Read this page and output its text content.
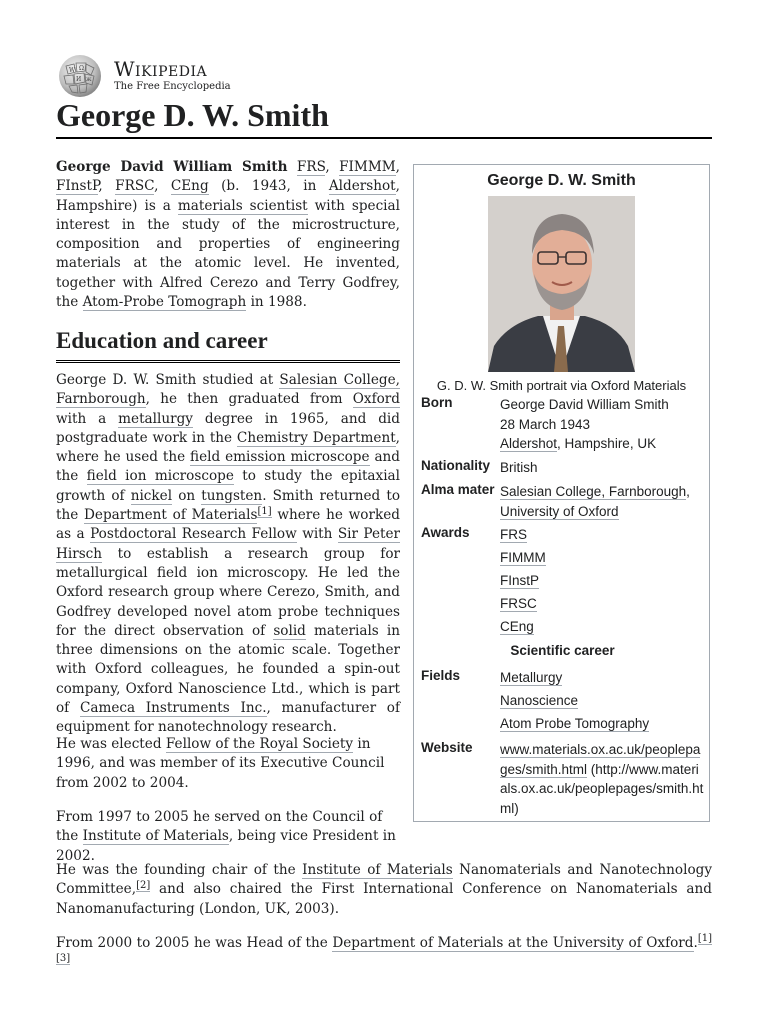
W Ω
И Ж Wikipedia
The Free Encyclopedia
George D. W. Smith

George David William Smith FRS, FIMMM, FInstP, FRSC, CEng (b. 1943, in Aldershot, Hampshire) is a materials scientist with special interest in the study of the microstructure, composition and properties of engineering materials at the atomic level. He invented, together with Alfred Cerezo and Terry Godfrey, the Atom-Probe Tomograph in 1988.

Education and career

George D. W. Smith studied at Salesian College, Farnborough, he then graduated from Oxford with a metallurgy degree in 1965, and did postgraduate work in the Chemistry Department, where he used the field emission microscope and the field ion microscope to study the epitaxial growth of nickel on tungsten. Smith returned to the Department of Materials[1] where he worked as a Postdoctoral Research Fellow with Sir Peter Hirsch to establish a research group for metallurgical field ion microscopy. He led the Oxford research group where Cerezo, Smith, and Godfrey developed novel atom probe techniques for the direct observation of solid materials in three dimensions on the atomic scale. Together with Oxford colleagues, he founded a spin-out company, Oxford Nanoscience Ltd., which is part of Cameca Instruments Inc., manufacturer of equipment for nanotechnology research.

He was elected Fellow of the Royal Society in 1996, and was member of its Executive Council from 2002 to 2004.

From 1997 to 2005 he served on the Council of the Institute of Materials, being vice President in 2002.

He was the founding chair of the Institute of Materials Nanomaterials and Nanotechnology Committee,[2] and also chaired the First International Conference on Nanomaterials and Nanomanufacturing (London, UK, 2003).

From 2000 to 2005 he was Head of the Department of Materials at the University of Oxford.[1][3]

George D. W. Smith
G. D. W. Smith portrait via Oxford Materials
Born	George David William Smith
28 March 1943
Aldershot, Hampshire, UK
Nationality British
Alma mater Salesian College, Farnborough,
University of Oxford
Awards	FRS
FIMMM
FInstP
FRSC
CEng
Scientific career
Fields	Metallurgy
Nanoscience
Atom Probe Tomography
Website	www.materials.ox.ac.uk/peoplepages/smith.html (http://www.materials.ox.ac.uk/peoplepages/smith.html)
